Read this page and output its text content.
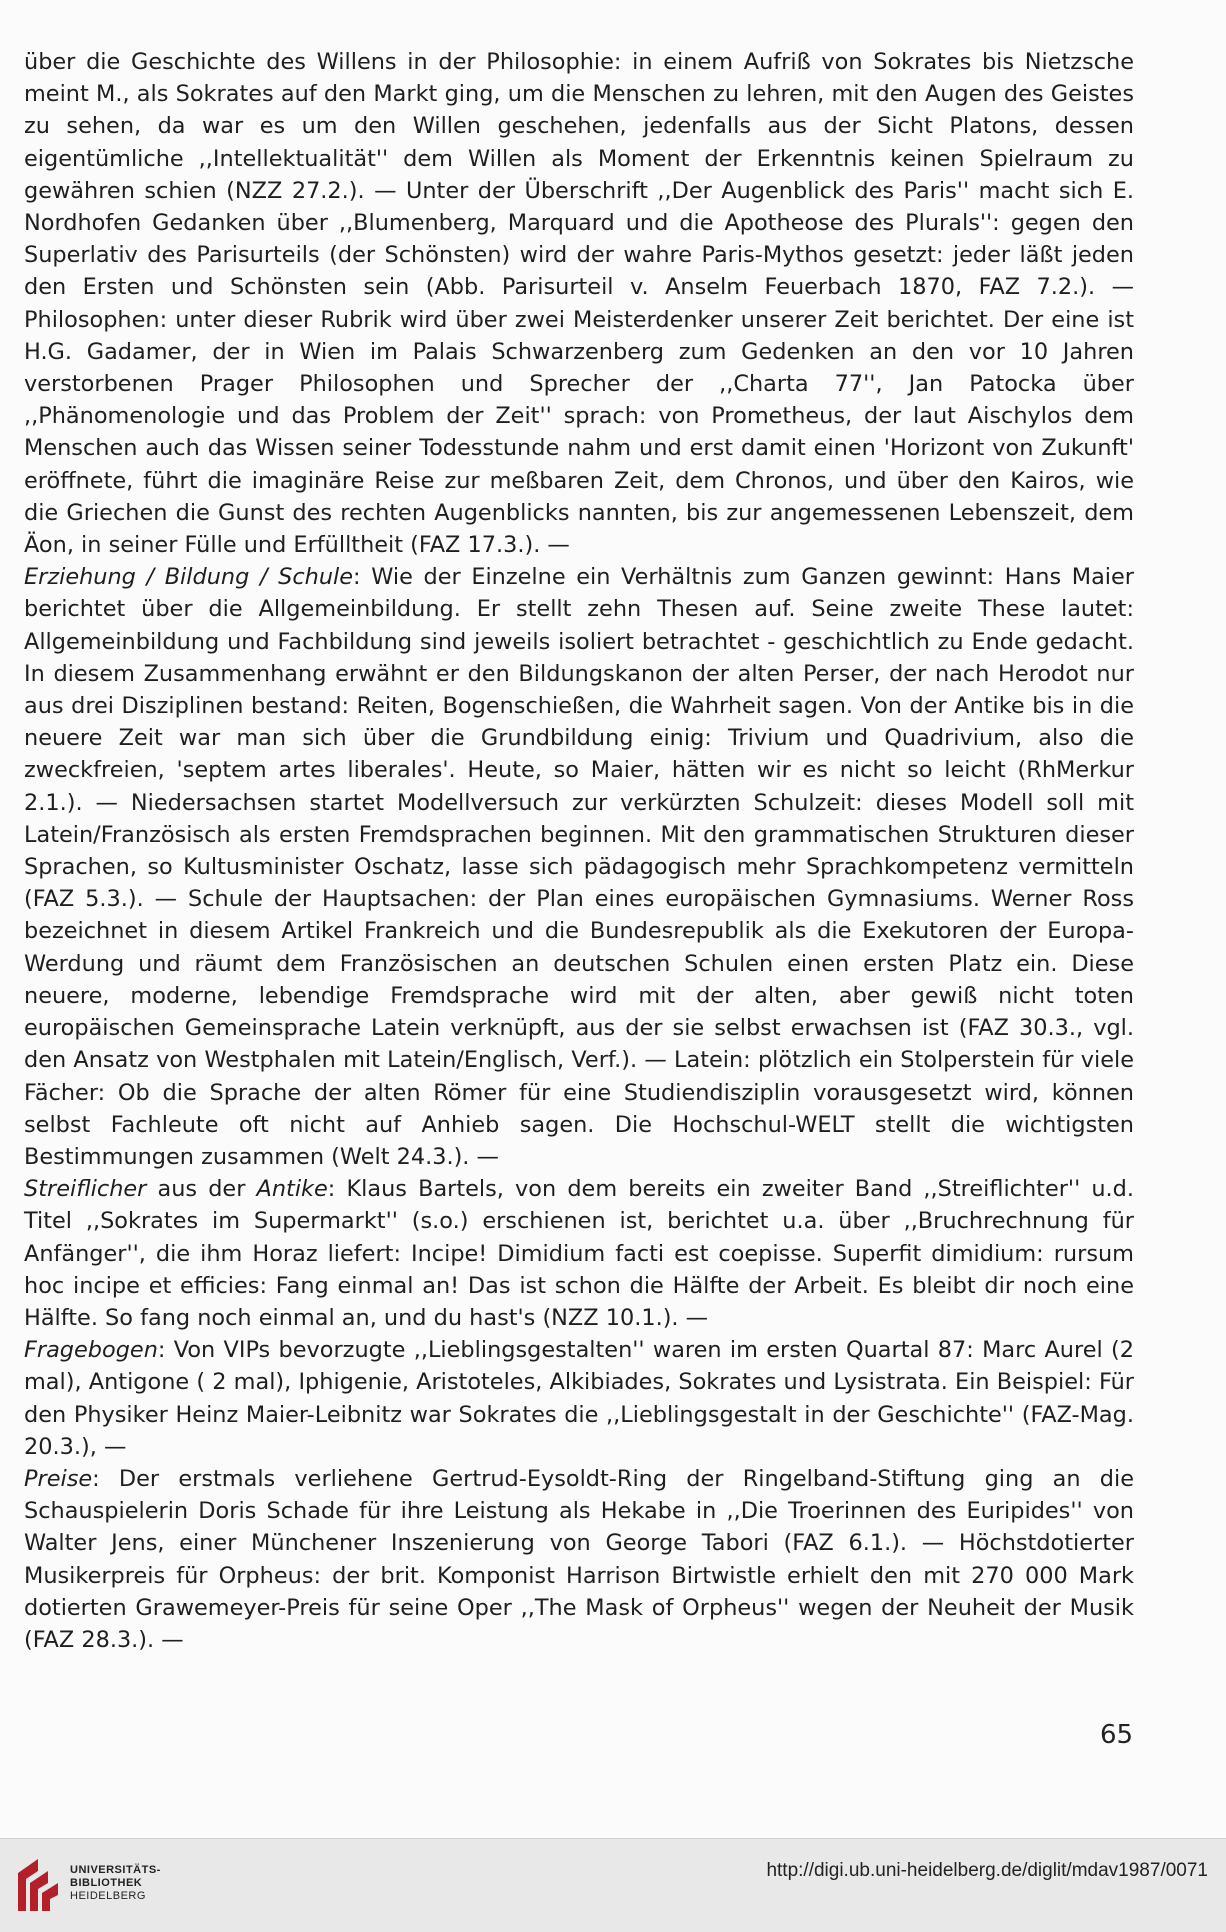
über die Geschichte des Willens in der Philosophie: in einem Aufriß von Sokrates bis Nietzsche meint M., als Sokrates auf den Markt ging, um die Menschen zu lehren, mit den Augen des Geistes zu sehen, da war es um den Willen geschehen, jedenfalls aus der Sicht Platons, dessen eigentümliche ,,Intellektualität'' dem Willen als Moment der Erkenntnis keinen Spielraum zu gewähren schien (NZZ 27.2.). — Unter der Überschrift ,,Der Augenblick des Paris'' macht sich E. Nordhofen Gedanken über ,,Blumenberg, Marquard und die Apotheose des Plurals'': gegen den Superlativ des Parisurteils (der Schönsten) wird der wahre Paris-Mythos gesetzt: jeder läßt jeden den Ersten und Schönsten sein (Abb. Parisurteil v. Anselm Feuerbach 1870, FAZ 7.2.). — Philosophen: unter dieser Rubrik wird über zwei Meisterdenker unserer Zeit berichtet. Der eine ist H.G. Gadamer, der in Wien im Palais Schwarzenberg zum Gedenken an den vor 10 Jahren verstorbenen Prager Philosophen und Sprecher der ,,Charta 77'', Jan Patocka über ,,Phänomenologie und das Problem der Zeit'' sprach: von Prometheus, der laut Aischylos dem Menschen auch das Wissen seiner Todesstunde nahm und erst damit einen 'Horizont von Zukunft' eröffnete, führt die imaginäre Reise zur meßbaren Zeit, dem Chronos, und über den Kairos, wie die Griechen die Gunst des rechten Augenblicks nannten, bis zur angemessenen Lebenszeit, dem Äon, in seiner Fülle und Erfülltheit (FAZ 17.3.). —

Erziehung / Bildung / Schule: Wie der Einzelne ein Verhältnis zum Ganzen gewinnt: Hans Maier berichtet über die Allgemeinbildung. Er stellt zehn Thesen auf. Seine zweite These lautet: Allgemeinbildung und Fachbildung sind jeweils isoliert betrachtet - geschichtlich zu Ende gedacht. In diesem Zusammenhang erwähnt er den Bildungskanon der alten Perser, der nach Herodot nur aus drei Disziplinen bestand: Reiten, Bogenschießen, die Wahrheit sagen. Von der Antike bis in die neuere Zeit war man sich über die Grundbildung einig: Trivium und Quadrivium, also die zweckfreien, 'septem artes liberales'. Heute, so Maier, hätten wir es nicht so leicht (RhMerkur 2.1.). — Niedersachsen startet Modellversuch zur verkürzten Schulzeit: dieses Modell soll mit Latein/Französisch als ersten Fremdsprachen beginnen. Mit den grammatischen Strukturen dieser Sprachen, so Kultusminister Oschatz, lasse sich pädagogisch mehr Sprachkompetenz vermitteln (FAZ 5.3.). — Schule der Hauptsachen: der Plan eines europäischen Gymnasiums. Werner Ross bezeichnet in diesem Artikel Frankreich und die Bundesrepublik als die Exekutoren der Europa-Werdung und räumt dem Französischen an deutschen Schulen einen ersten Platz ein. Diese neuere, moderne, lebendige Fremdsprache wird mit der alten, aber gewiß nicht toten europäischen Gemeinsprache Latein verknüpft, aus der sie selbst erwachsen ist (FAZ 30.3., vgl. den Ansatz von Westphalen mit Latein/Englisch, Verf.). — Latein: plötzlich ein Stolperstein für viele Fächer: Ob die Sprache der alten Römer für eine Studiendisziplin vorausgesetzt wird, können selbst Fachleute oft nicht auf Anhieb sagen. Die Hochschul-WELT stellt die wichtigsten Bestimmungen zusammen (Welt 24.3.). —

Streiflicher aus der Antike: Klaus Bartels, von dem bereits ein zweiter Band ,,Streiflichter'' u.d. Titel ,,Sokrates im Supermarkt'' (s.o.) erschienen ist, berichtet u.a. über ,,Bruchrechnung für Anfänger'', die ihm Horaz liefert: Incipe! Dimidium facti est coepisse. Superfit dimidium: rursum hoc incipe et efficies: Fang einmal an! Das ist schon die Hälfte der Arbeit. Es bleibt dir noch eine Hälfte. So fang noch einmal an, und du hast's (NZZ 10.1.). —

Fragebogen: Von VIPs bevorzugte ,,Lieblingsgestalten'' waren im ersten Quartal 87: Marc Aurel (2 mal), Antigone ( 2 mal), Iphigenie, Aristoteles, Alkibiades, Sokrates und Lysistrata. Ein Beispiel: Für den Physiker Heinz Maier-Leibnitz war Sokrates die ,,Lieblingsgestalt in der Geschichte'' (FAZ-Mag. 20.3.), —

Preise: Der erstmals verliehene Gertrud-Eysoldt-Ring der Ringelband-Stiftung ging an die Schauspielerin Doris Schade für ihre Leistung als Hekabe in ,,Die Troerinnen des Euripides'' von Walter Jens, einer Münchener Inszenierung von George Tabori (FAZ 6.1.). — Höchstdotierter Musikerpreis für Orpheus: der brit. Komponist Harrison Birtwistle erhielt den mit 270 000 Mark dotierten Grawemeyer-Preis für seine Oper ,,The Mask of Orpheus'' wegen der Neuheit der Musik (FAZ 28.3.). —

65
UNIVERSITÄTS-
BIBLIOTHEK
HEIDELBERG
http://digi.ub.uni-heidelberg.de/diglit/mdav1987/0071
